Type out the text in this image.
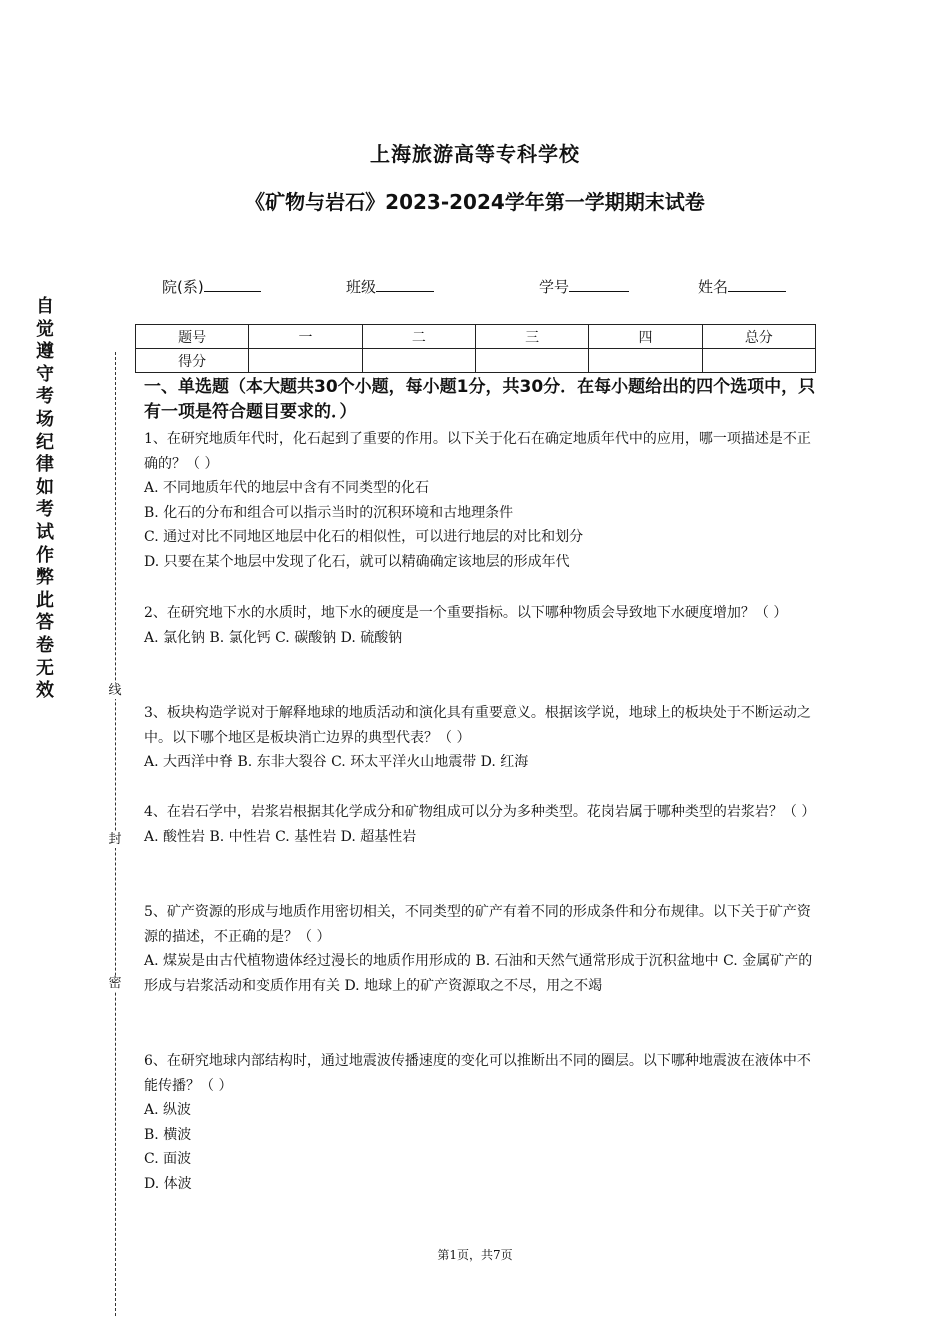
上海旅游高等专科学校
《矿物与岩石》2023-2024学年第一学期期末试卷
院(系)	班级	学号	姓名
题号	一	二	三	四	总分
得分					
自觉遵守考场纪律如考试作弊此答卷无效	线
封
密
一、单选题（本大题共30个小题，每小题1分，共30分．在每小题给出的四个选项中，只有一项是符合题目要求的．）

1、在研究地质年代时，化石起到了重要的作用。以下关于化石在确定地质年代中的应用，哪一项描述是不正确的？（ ）

A. 不同地质年代的地层中含有不同类型的化石

B. 化石的分布和组合可以指示当时的沉积环境和古地理条件

C. 通过对比不同地区地层中化石的相似性，可以进行地层的对比和划分

D. 只要在某个地层中发现了化石，就可以精确确定该地层的形成年代

2、在研究地下水的水质时，地下水的硬度是一个重要指标。以下哪种物质会导致地下水硬度增加？（ ）

A. 氯化钠 B. 氯化钙 C. 碳酸钠 D. 硫酸钠

3、板块构造学说对于解释地球的地质活动和演化具有重要意义。根据该学说，地球上的板块处于不断运动之中。以下哪个地区是板块消亡边界的典型代表？（ ）

A. 大西洋中脊 B. 东非大裂谷 C. 环太平洋火山地震带 D. 红海

4、在岩石学中，岩浆岩根据其化学成分和矿物组成可以分为多种类型。花岗岩属于哪种类型的岩浆岩？（ ）

A. 酸性岩 B. 中性岩 C. 基性岩 D. 超基性岩

5、矿产资源的形成与地质作用密切相关，不同类型的矿产有着不同的形成条件和分布规律。以下关于矿产资源的描述，不正确的是？（ ）

A. 煤炭是由古代植物遗体经过漫长的地质作用形成的 B. 石油和天然气通常形成于沉积盆地中 C. 金属矿产的形成与岩浆活动和变质作用有关 D. 地球上的矿产资源取之不尽，用之不竭

6、在研究地球内部结构时，通过地震波传播速度的变化可以推断出不同的圈层。以下哪种地震波在液体中不能传播？（ ）

A. 纵波

B. 横波

C. 面波

D. 体波

第1页，共7页
